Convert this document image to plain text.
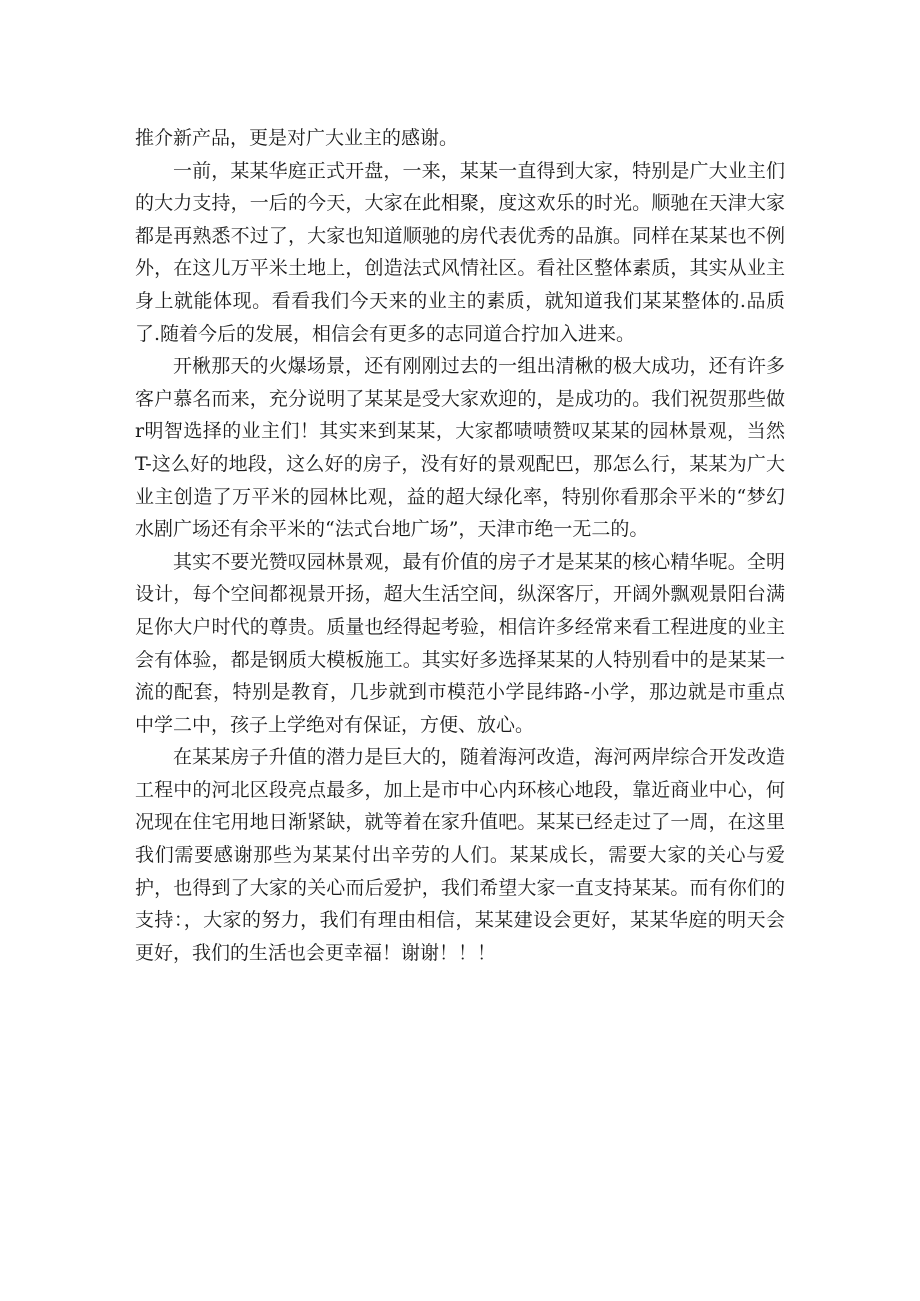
推介新产品，更是对广大业主的感谢。

一前，某某华庭正式开盘，一来，某某一直得到大家，特别是广大业主们的大力支持，一后的今天，大家在此相聚，度这欢乐的时光。顺驰在天津大家都是再熟悉不过了，大家也知道顺驰的房代表优秀的品旗。同样在某某也不例外，在这儿万平米土地上，创造法式风情社区。看社区整体素质，其实从业主身上就能体现。看看我们今天来的业主的素质，就知道我们某某整体的.品质了.随着今后的发展，相信会有更多的志同道合拧加入进来。

开楸那天的火爆场景，还有刚刚过去的一组出清楸的极大成功，还有许多客户慕名而来，充分说明了某某是受大家欢迎的，是成功的。我们祝贺那些做r明智选择的业主们！其实来到某某，大家都啧啧赞叹某某的园林景观，当然T-这么好的地段，这么好的房子，没有好的景观配巴，那怎么行，某某为广大业主创造了万平米的园林比观，益的超大绿化率，特别你看那余平米的“梦幻水剧广场还有余平米的“法式台地广场”，天津市绝一无二的。

其实不要光赞叹园林景观，最有价值的房子才是某某的核心精华呢。全明设计，每个空间都视景开扬，超大生活空间，纵深客厅，开阔外飘观景阳台满足你大户时代的尊贵。质量也经得起考验，相信许多经常来看工程进度的业主会有体验，都是钢质大模板施工。其实好多选择某某的人特别看中的是某某一流的配套，特别是教育，几步就到市模范小学昆纬路-小学，那边就是市重点中学二中，孩子上学绝对有保证，方便、放心。

在某某房子升值的潜力是巨大的，随着海河改造，海河两岸综合开发改造工程中的河北区段亮点最多，加上是市中心内环核心地段，靠近商业中心，何况现在住宅用地日渐紧缺，就等着在家升值吧。某某已经走过了一周，在这里我们需要感谢那些为某某付出辛劳的人们。某某成长，需要大家的关心与爱护，也得到了大家的关心而后爱护，我们希望大家一直支持某某。而有你们的支持：，大家的努力，我们有理由相信，某某建设会更好，某某华庭的明天会更好，我们的生活也会更幸福！谢谢！！！
